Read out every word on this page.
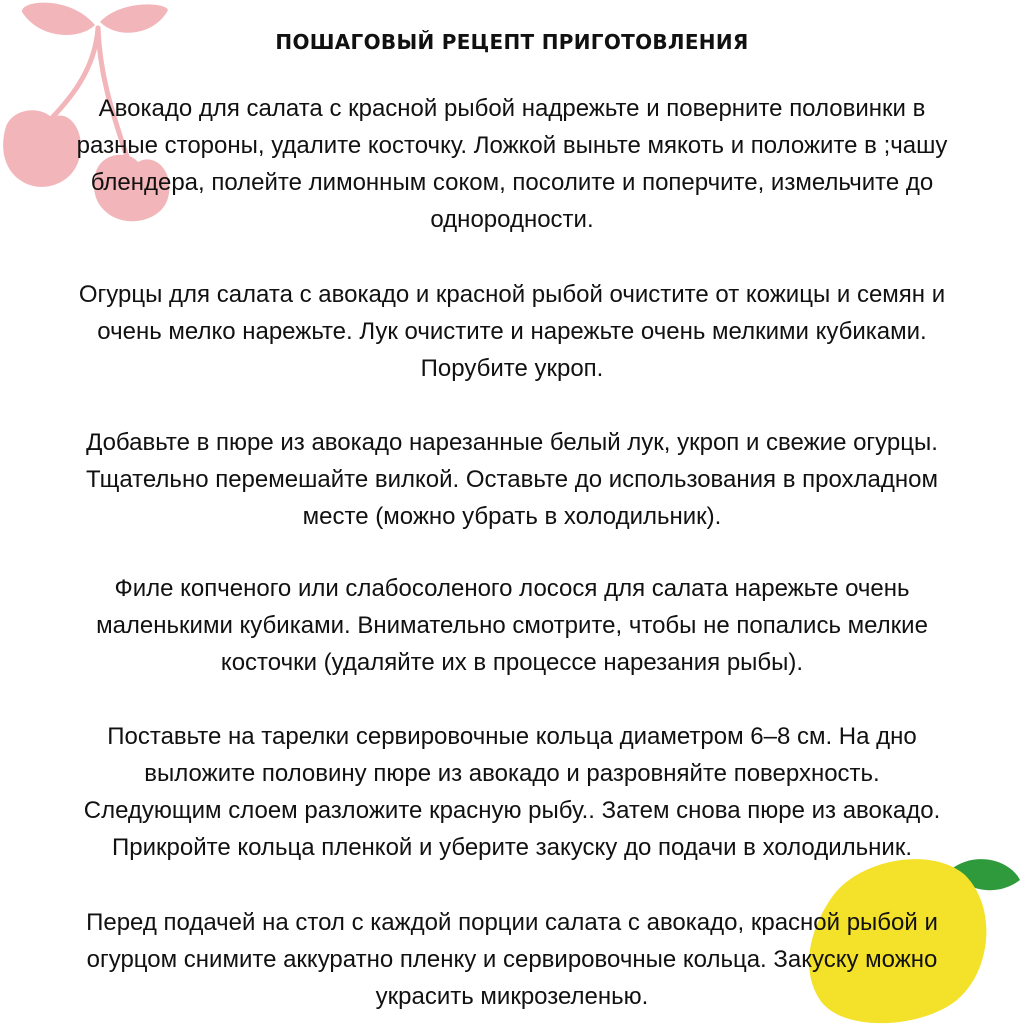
ПОШАГОВЫЙ РЕЦЕПТ ПРИГОТОВЛЕНИЯ
Авокадо для салата с красной рыбой надрежьте и поверните половинки в
разные стороны, удалите косточку. Ложкой выньте мякоть и положите в ;чашу
блендера, полейте лимонным соком, посолите и поперчите, измельчите до
однородности.
Огурцы для салата с авокадо и красной рыбой очистите от кожицы и семян и
очень мелко нарежьте. Лук очистите и нарежьте очень мелкими кубиками.
Порубите укроп.
Добавьте в пюре из авокадо нарезанные белый лук, укроп и свежие огурцы.
Тщательно перемешайте вилкой. Оставьте до использования в прохладном
месте (можно убрать в холодильник).
Филе копченого или слабосоленого лосося для салата нарежьте очень
маленькими кубиками. Внимательно смотрите, чтобы не попались мелкие
косточки (удаляйте их в процессе нарезания рыбы).
Поставьте на тарелки сервировочные кольца диаметром 6–8 см. На дно
выложите половину пюре из авокадо и разровняйте поверхность.
Следующим слоем разложите красную рыбу.. Затем снова пюре из авокадо.
Прикройте кольца пленкой и уберите закуску до подачи в холодильник.
Перед подачей на стол с каждой порции салата с авокадо, красной рыбой и
огурцом снимите аккуратно пленку и сервировочные кольца. Закуску можно
украсить микрозеленью.
